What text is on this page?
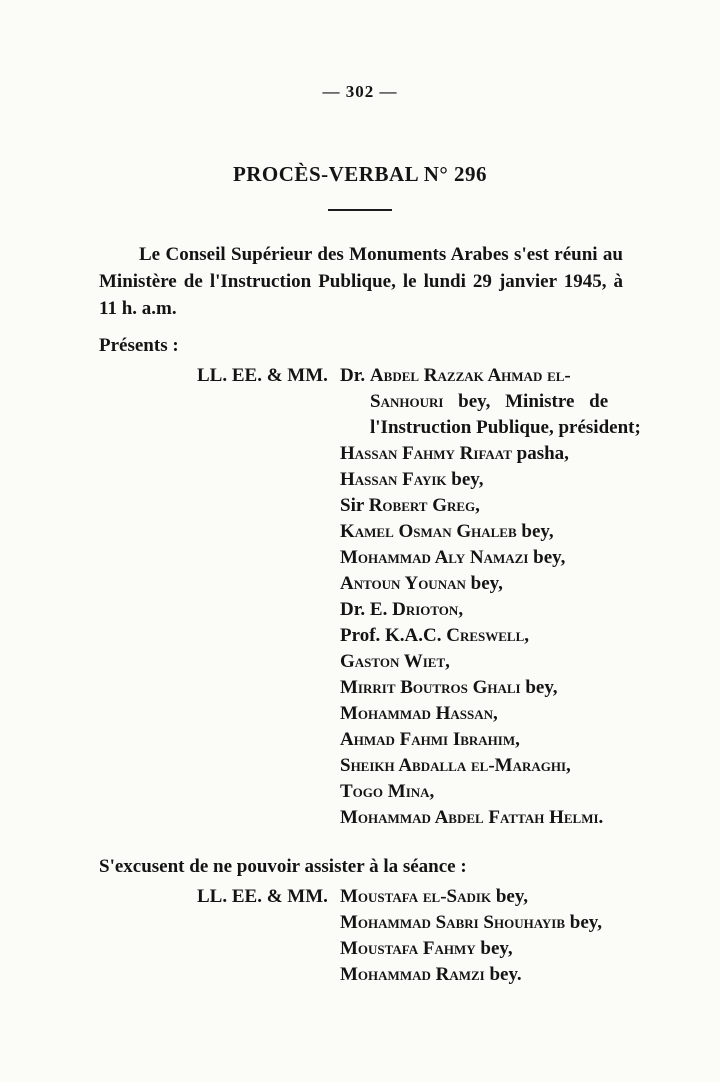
— 302 —
PROCÈS-VERBAL N° 296

Le Conseil Supérieur des Monuments Arabes s'est réuni au Ministère de l'Instruction Publique, le lundi 29 janvier 1945, à 11 h. a.m.

Présents :

LL. EE. & MM. Dr. Abdel Razzak Ahmad el-
Sanhouri bey, Ministre de
l'Instruction Publique, président;
Hassan Fahmy Rifaat pasha,
Hassan Fayik bey,
Sir Robert Greg,
Kamel Osman Ghaleb bey,
Mohammad Aly Namazi bey,
Antoun Younan bey,
Dr. E. Drioton,
Prof. K.A.C. Creswell,
Gaston Wiet,
Mirrit Boutros Ghali bey,
Mohammad Hassan,
Ahmad Fahmi Ibrahim,
Sheikh Abdalla el-Maraghi,
Togo Mina,
Mohammad Abdel Fattah Helmi.

S'excusent de ne pouvoir assister à la séance :

LL. EE. & MM. Moustafa el-Sadik bey,
Mohammad Sabri Shouhayib bey,
Moustafa Fahmy bey,
Mohammad Ramzi bey.
